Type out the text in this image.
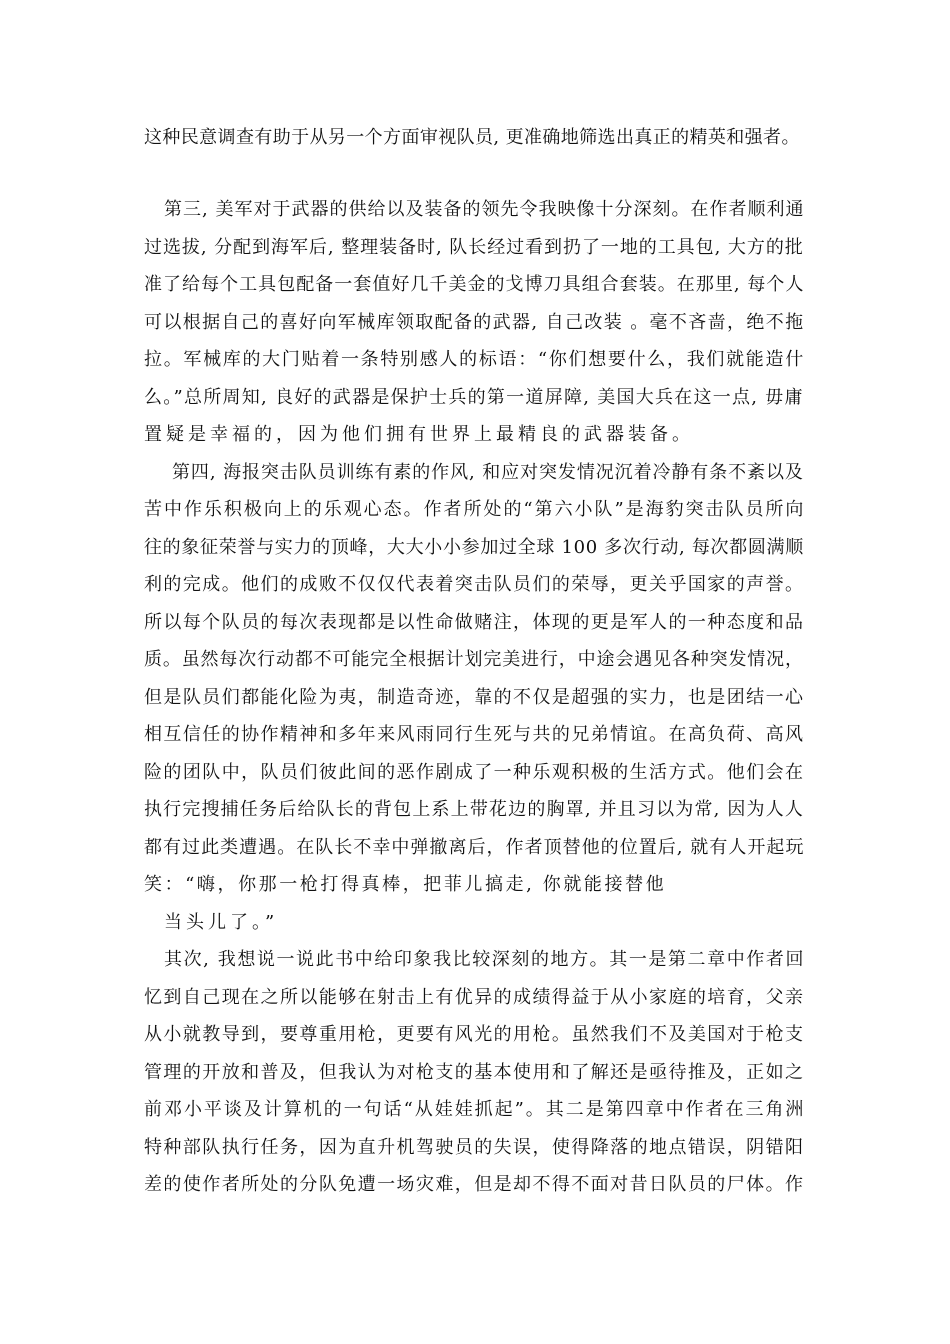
这种民意调查有助于从另一个方面审视队员, 更准确地筛选出真正的精英和强者。
第三, 美军对于武器的供给以及装备的领先令我映像十分深刻。在作者顺利通
过选拔, 分配到海军后, 整理装备时, 队长经过看到扔了一地的工具包, 大方的批
准了给每个工具包配备一套值好几千美金的戈博刀具组合套装。在那里, 每个人
可以根据自己的喜好向军械库领取配备的武器, 自己改装 。毫不吝啬，绝不拖
拉。军械库的大门贴着一条特别感人的标语：“你们想要什么，我们就能造什
么。”总所周知, 良好的武器是保护士兵的第一道屏障, 美国大兵在这一点, 毋庸
置疑是幸福的，因为他们拥有世界上最精良的武器装备。
第四, 海报突击队员训练有素的作风, 和应对突发情况沉着冷静有条不紊以及
苦中作乐积极向上的乐观心态。作者所处的“第六小队”是海豹突击队员所向
往的象征荣誉与实力的顶峰，大大小小参加过全球 100 多次行动, 每次都圆满顺
利的完成。他们的成败不仅仅代表着突击队员们的荣辱，更关乎国家的声誉。
所以每个队员的每次表现都是以性命做赌注，体现的更是军人的一种态度和品
质。虽然每次行动都不可能完全根据计划完美进行，中途会遇见各种突发情况，
但是队员们都能化险为夷，制造奇迹，靠的不仅是超强的实力，也是团结一心
相互信任的协作精神和多年来风雨同行生死与共的兄弟情谊。在高负荷、高风
险的团队中，队员们彼此间的恶作剧成了一种乐观积极的生活方式。他们会在
执行完搜捕任务后给队长的背包上系上带花边的胸罩, 并且习以为常, 因为人人
都有过此类遭遇。在队长不幸中弹撤离后，作者顶替他的位置后, 就有人开起玩
笑：“嗨，你那一枪打得真棒，把菲儿搞走, 你就能接替他
当头儿了。”
其次, 我想说一说此书中给印象我比较深刻的地方。其一是第二章中作者回
忆到自己现在之所以能够在射击上有优异的成绩得益于从小家庭的培育，父亲
从小就教导到，要尊重用枪，更要有风光的用枪。虽然我们不及美国对于枪支
管理的开放和普及，但我认为对枪支的基本使用和了解还是亟待推及，正如之
前邓小平谈及计算机的一句话“从娃娃抓起”。其二是第四章中作者在三角洲
特种部队执行任务，因为直升机驾驶员的失误，使得降落的地点错误，阴错阳
差的使作者所处的分队免遭一场灾难，但是却不得不面对昔日队员的尸体。作
